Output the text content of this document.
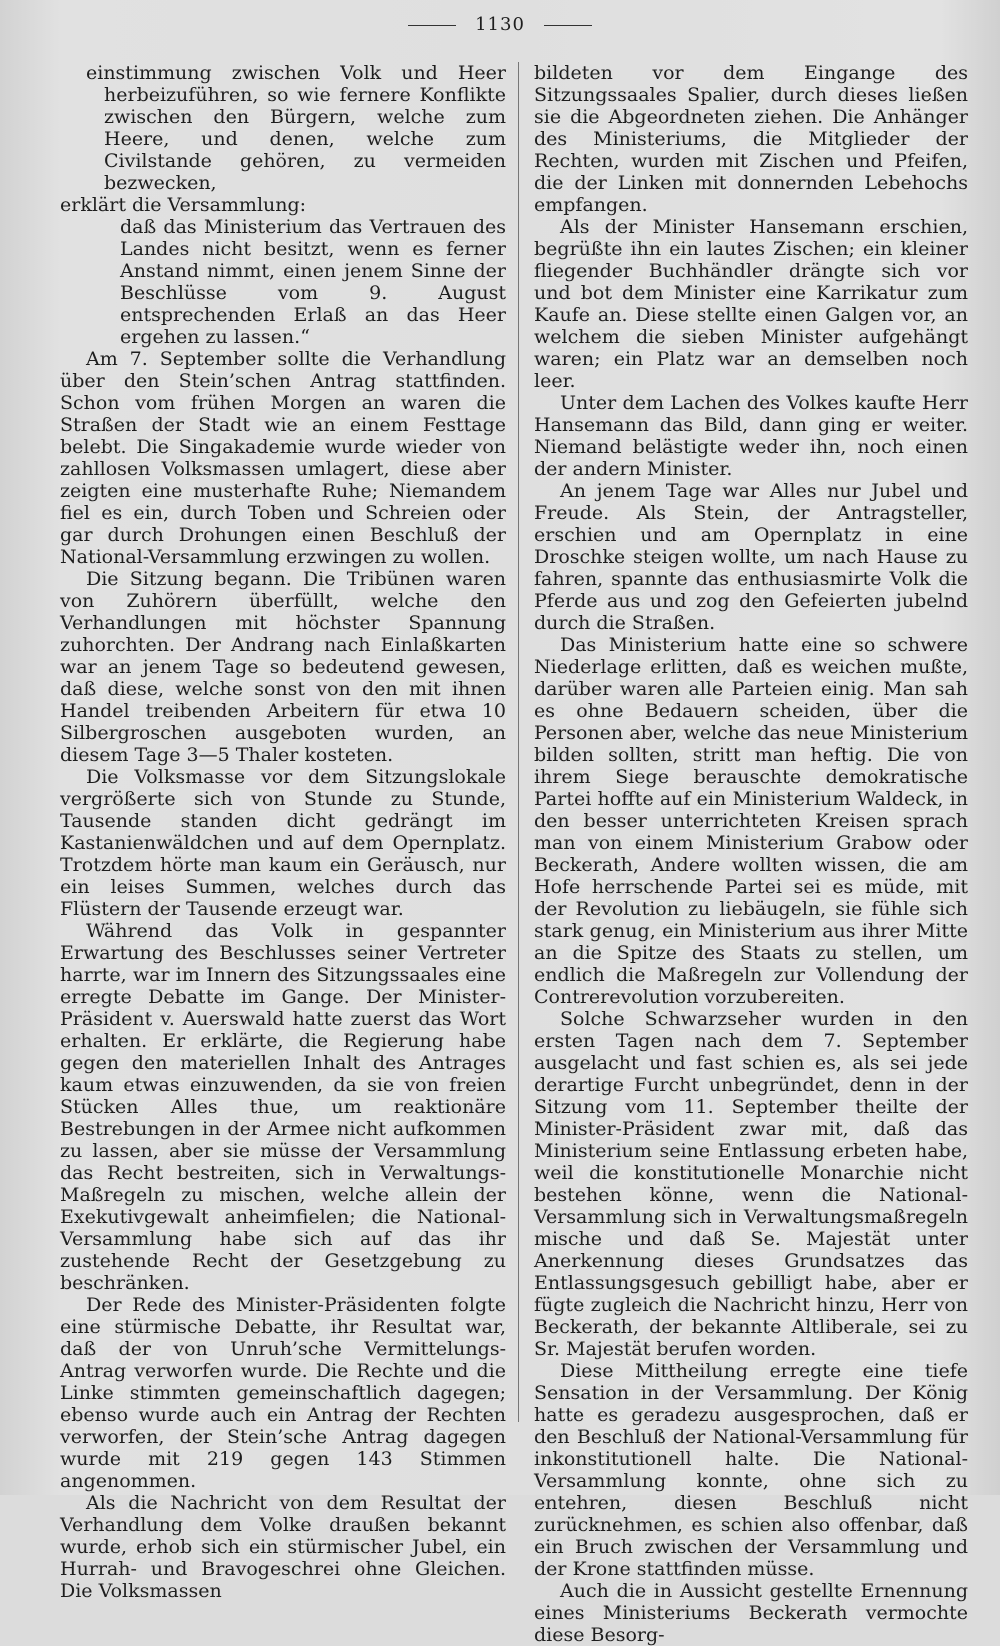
1130

einstimmung zwischen Volk und Heer herbeizuführen, so wie fernere Konflikte zwischen den Bürgern, welche zum Heere, und denen, welche zum Civilstande gehören, zu vermeiden bezwecken,

erklärt die Versammlung:

daß das Ministerium das Vertrauen des Landes nicht besitzt, wenn es ferner Anstand nimmt, einen jenem Sinne der Beschlüsse vom 9. August entsprechenden Erlaß an das Heer ergehen zu lassen.“

Am 7. September sollte die Verhandlung über den Stein’schen Antrag stattfinden. Schon vom frühen Morgen an waren die Straßen der Stadt wie an einem Festtage belebt. Die Singakademie wurde wieder von zahllosen Volksmassen umlagert, diese aber zeigten eine musterhafte Ruhe; Niemandem fiel es ein, durch Toben und Schreien oder gar durch Drohungen einen Beschluß der National-Versammlung erzwingen zu wollen.

Die Sitzung begann. Die Tribünen waren von Zuhörern überfüllt, welche den Verhandlungen mit höchster Spannung zuhorchten. Der Andrang nach Einlaßkarten war an jenem Tage so bedeutend gewesen, daß diese, welche sonst von den mit ihnen Handel treibenden Arbeitern für etwa 10 Silbergroschen ausgeboten wurden, an diesem Tage 3—5 Thaler kosteten.

Die Volksmasse vor dem Sitzungslokale vergrößerte sich von Stunde zu Stunde, Tausende standen dicht gedrängt im Kastanienwäldchen und auf dem Opernplatz. Trotzdem hörte man kaum ein Geräusch, nur ein leises Summen, welches durch das Flüstern der Tausende erzeugt war.

Während das Volk in gespannter Erwartung des Beschlusses seiner Vertreter harrte, war im Innern des Sitzungssaales eine erregte Debatte im Gange. Der Minister-Präsident v. Auerswald hatte zuerst das Wort erhalten. Er erklärte, die Regierung habe gegen den materiellen Inhalt des Antrages kaum etwas einzuwenden, da sie von freien Stücken Alles thue, um reaktionäre Bestrebungen in der Armee nicht aufkommen zu lassen, aber sie müsse der Versammlung das Recht bestreiten, sich in Verwaltungs-Maßregeln zu mischen, welche allein der Exekutivgewalt anheimfielen; die National-Versammlung habe sich auf das ihr zustehende Recht der Gesetzgebung zu beschränken.

Der Rede des Minister-Präsidenten folgte eine stürmische Debatte, ihr Resultat war, daß der von Unruh’sche Vermittelungs-Antrag verworfen wurde. Die Rechte und die Linke stimmten gemeinschaftlich dagegen; ebenso wurde auch ein Antrag der Rechten verworfen, der Stein’sche Antrag dagegen wurde mit 219 gegen 143 Stimmen angenommen.

Als die Nachricht von dem Resultat der Verhandlung dem Volke draußen bekannt wurde, erhob sich ein stürmischer Jubel, ein Hurrah- und Bravogeschrei ohne Gleichen. Die Volksmassen

bildeten vor dem Eingange des Sitzungssaales Spalier, durch dieses ließen sie die Abgeordneten ziehen. Die Anhänger des Ministeriums, die Mitglieder der Rechten, wurden mit Zischen und Pfeifen, die der Linken mit donnernden Lebehochs empfangen.

Als der Minister Hansemann erschien, begrüßte ihn ein lautes Zischen; ein kleiner fliegender Buchhändler drängte sich vor und bot dem Minister eine Karrikatur zum Kaufe an. Diese stellte einen Galgen vor, an welchem die sieben Minister aufgehängt waren; ein Platz war an demselben noch leer.

Unter dem Lachen des Volkes kaufte Herr Hansemann das Bild, dann ging er weiter. Niemand belästigte weder ihn, noch einen der andern Minister.

An jenem Tage war Alles nur Jubel und Freude. Als Stein, der Antragsteller, erschien und am Opernplatz in eine Droschke steigen wollte, um nach Hause zu fahren, spannte das enthusiasmirte Volk die Pferde aus und zog den Gefeierten jubelnd durch die Straßen.

Das Ministerium hatte eine so schwere Niederlage erlitten, daß es weichen mußte, darüber waren alle Parteien einig. Man sah es ohne Bedauern scheiden, über die Personen aber, welche das neue Ministerium bilden sollten, stritt man heftig. Die von ihrem Siege berauschte demokratische Partei hoffte auf ein Ministerium Waldeck, in den besser unterrichteten Kreisen sprach man von einem Ministerium Grabow oder Beckerath, Andere wollten wissen, die am Hofe herrschende Partei sei es müde, mit der Revolution zu liebäugeln, sie fühle sich stark genug, ein Ministerium aus ihrer Mitte an die Spitze des Staats zu stellen, um endlich die Maßregeln zur Vollendung der Contrerevolution vorzubereiten.

Solche Schwarzseher wurden in den ersten Tagen nach dem 7. September ausgelacht und fast schien es, als sei jede derartige Furcht unbegründet, denn in der Sitzung vom 11. September theilte der Minister-Präsident zwar mit, daß das Ministerium seine Entlassung erbeten habe, weil die konstitutionelle Monarchie nicht bestehen könne, wenn die National-Versammlung sich in Verwaltungsmaßregeln mische und daß Se. Majestät unter Anerkennung dieses Grundsatzes das Entlassungsgesuch gebilligt habe, aber er fügte zugleich die Nachricht hinzu, Herr von Beckerath, der bekannte Altliberale, sei zu Sr. Majestät berufen worden.

Diese Mittheilung erregte eine tiefe Sensation in der Versammlung. Der König hatte es geradezu ausgesprochen, daß er den Beschluß der National-Versammlung für inkonstitutionell halte. Die National-Versammlung konnte, ohne sich zu entehren, diesen Beschluß nicht zurücknehmen, es schien also offenbar, daß ein Bruch zwischen der Versammlung und der Krone stattfinden müsse.

Auch die in Aussicht gestellte Ernennung eines Ministeriums Beckerath vermochte diese Besorg-
